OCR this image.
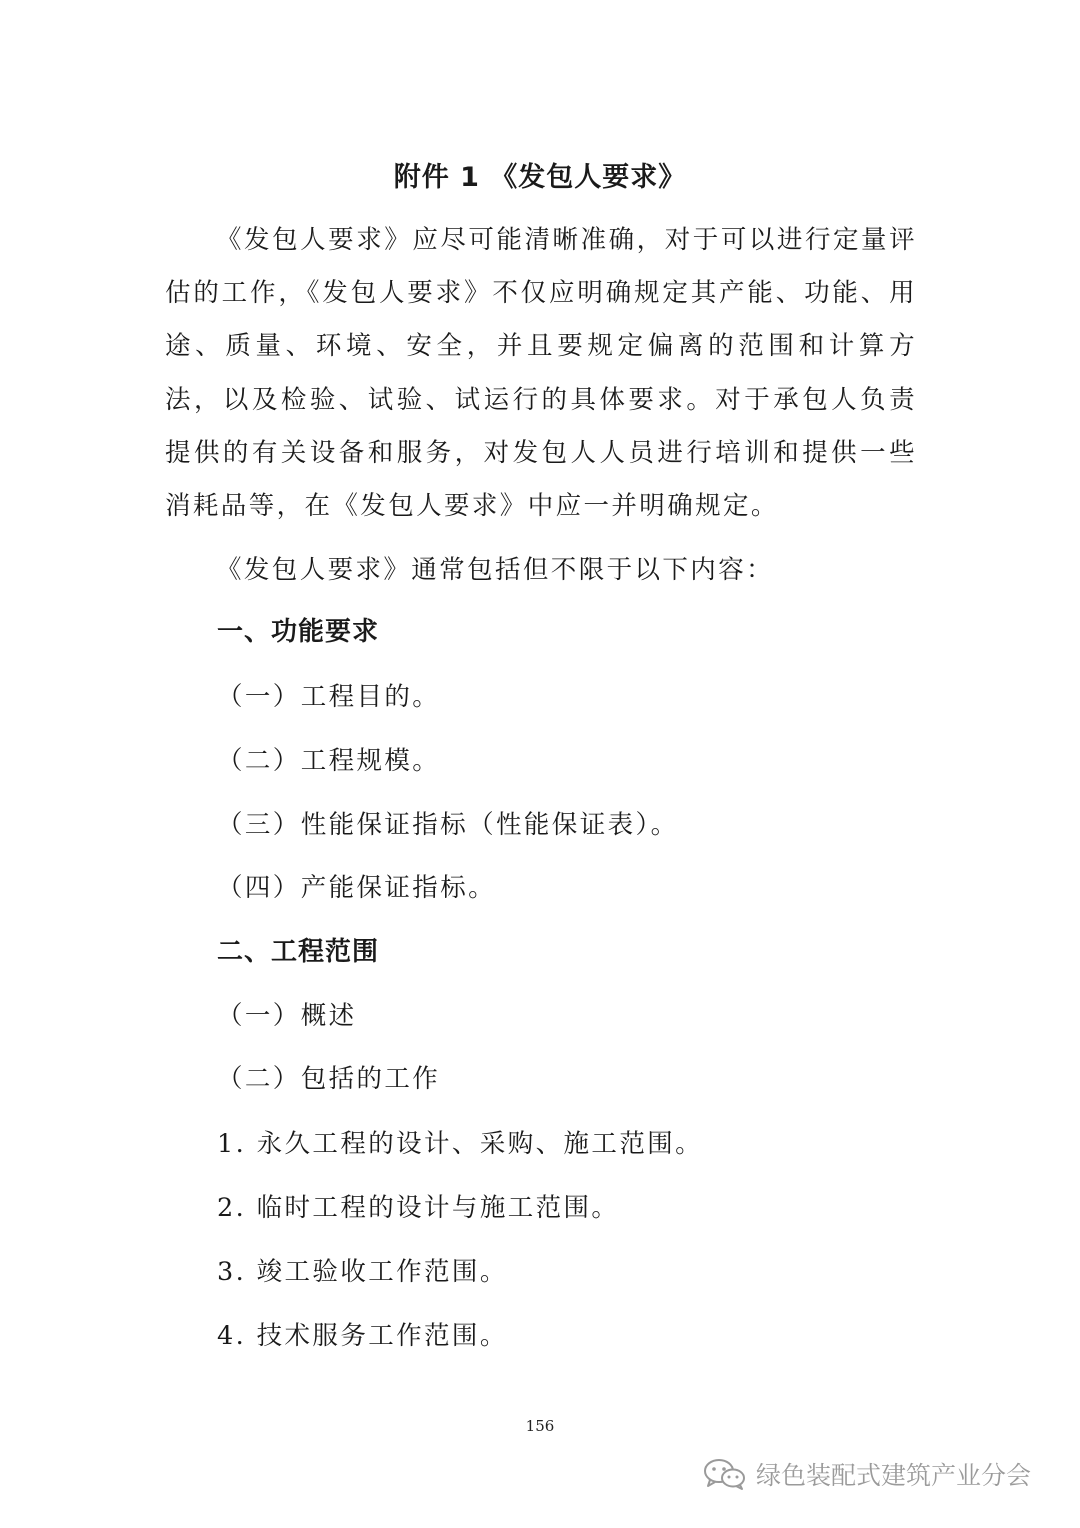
附件 1 《发包人要求》
《发包人要求》应尽可能清晰准确，对于可以进行定量评估的工作，《发包人要求》不仅应明确规定其产能、功能、用途、质量、环境、安全，并且要规定偏离的范围和计算方法，以及检验、试验、试运行的具体要求。对于承包人负责提供的有关设备和服务，对发包人人员进行培训和提供一些消耗品等，在《发包人要求》中应一并明确规定。
《发包人要求》通常包括但不限于以下内容：
一、功能要求
（一）工程目的。
（二）工程规模。
（三）性能保证指标（性能保证表）。
（四）产能保证指标。
二、工程范围
（一）概述
（二）包括的工作
1. 永久工程的设计、采购、施工范围。
2. 临时工程的设计与施工范围。
3. 竣工验收工作范围。
4. 技术服务工作范围。
156
绿色装配式建筑产业分会
